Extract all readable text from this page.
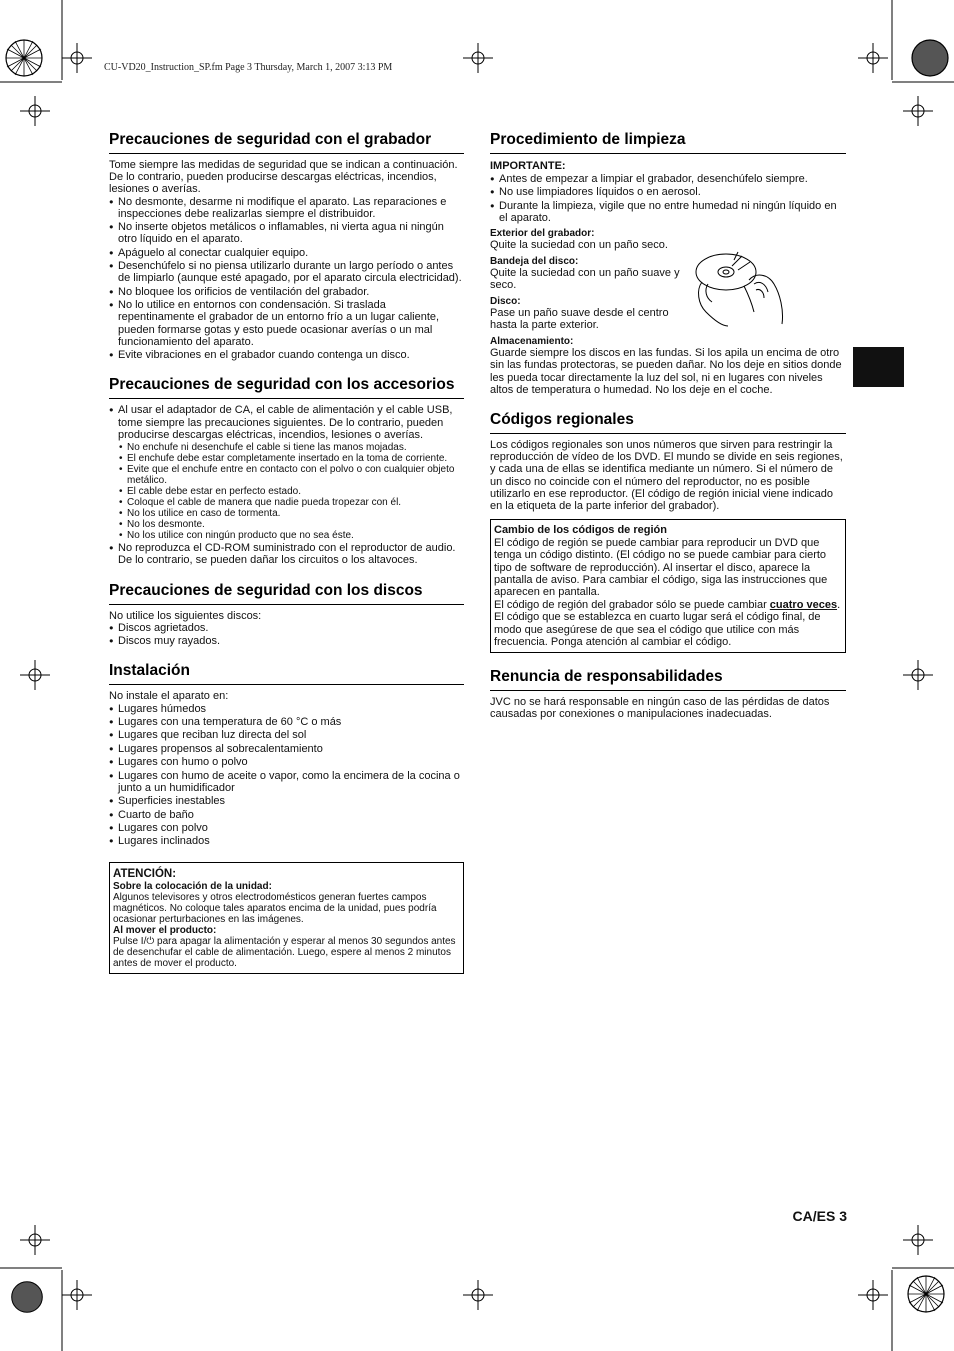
CU-VD20_Instruction_SP.fm Page 3 Thursday, March 1, 2007 3:13 PM
Precauciones de seguridad con el grabador
Tome siempre las medidas de seguridad que se indican a continuación. De lo contrario, pueden producirse descargas eléctricas, incendios, lesiones o averías.
● No desmonte, desarme ni modifique el aparato. Las reparaciones e inspecciones debe realizarlas siempre el distribuidor.
● No inserte objetos metálicos o inflamables, ni vierta agua ni ningún otro líquido en el aparato.
● Apáguelo al conectar cualquier equipo.
● Desenchúfelo si no piensa utilizarlo durante un largo período o antes de limpiarlo (aunque esté apagado, por el aparato circula electricidad).
● No bloquee los orificios de ventilación del grabador.
● No lo utilice en entornos con condensación. Si traslada repentinamente el grabador de un entorno frío a un lugar caliente, pueden formarse gotas y esto puede ocasionar averías o un mal funcionamiento del aparato.
● Evite vibraciones en el grabador cuando contenga un disco.
Precauciones de seguridad con los accesorios
● Al usar el adaptador de CA, el cable de alimentación y el cable USB, tome siempre las precauciones siguientes. De lo contrario, pueden producirse descargas eléctricas, incendios, lesiones o averías.
• No enchufe ni desenchufe el cable si tiene las manos mojadas.
• El enchufe debe estar completamente insertado en la toma de corriente.
• Evite que el enchufe entre en contacto con el polvo o con cualquier objeto metálico.
• El cable debe estar en perfecto estado.
• Coloque el cable de manera que nadie pueda tropezar con él.
• No los utilice en caso de tormenta.
• No los desmonte.
• No los utilice con ningún producto que no sea éste.
● No reproduzca el CD-ROM suministrado con el reproductor de audio. De lo contrario, se pueden dañar los circuitos o los altavoces.
Precauciones de seguridad con los discos
No utilice los siguientes discos:
● Discos agrietados.
● Discos muy rayados.
Instalación
No instale el aparato en:
● Lugares húmedos
● Lugares con una temperatura de 60 °C o más
● Lugares que reciban luz directa del sol
● Lugares propensos al sobrecalentamiento
● Lugares con humo o polvo
● Lugares con humo de aceite o vapor, como la encimera de la cocina o junto a un humidificador
● Superficies inestables
● Cuarto de baño
● Lugares con polvo
● Lugares inclinados
ATENCIÓN:
Sobre la colocación de la unidad:
Algunos televisores y otros electrodomésticos generan fuertes campos magnéticos. No coloque tales aparatos encima de la unidad, pues podría ocasionar perturbaciones en las imágenes.
Al mover el producto:
Pulse I/⏻ para apagar la alimentación y esperar al menos 30 segundos antes de desenchufar el cable de alimentación. Luego, espere al menos 2 minutos antes de mover el producto.
Procedimiento de limpieza
IMPORTANTE:
● Antes de empezar a limpiar el grabador, desenchúfelo siempre.
● No use limpiadores líquidos o en aerosol.
● Durante la limpieza, vigile que no entre humedad ni ningún líquido en el aparato.
Exterior del grabador:
Quite la suciedad con un paño seco.
Bandeja del disco:
Quite la suciedad con un paño suave y seco.
Disco:
Pase un paño suave desde el centro hasta la parte exterior.
Almacenamiento:
Guarde siempre los discos en las fundas. Si los apila un encima de otro sin las fundas protectoras, se pueden dañar. No los deje en sitios donde les pueda tocar directamente la luz del sol, ni en lugares con niveles altos de temperatura o humedad. No los deje en el coche.
Códigos regionales
Los códigos regionales son unos números que sirven para restringir la reproducción de vídeo de los DVD. El mundo se divide en seis regiones, y cada una de ellas se identifica mediante un número. Si el número de un disco no coincide con el número del reproductor, no es posible utilizarlo en ese reproductor. (El código de región inicial viene indicado en la etiqueta de la parte inferior del grabador).
Cambio de los códigos de región
El código de región se puede cambiar para reproducir un DVD que tenga un código distinto. (El código no se puede cambiar para cierto tipo de software de reproducción). Al insertar el disco, aparece la pantalla de aviso. Para cambiar el código, siga las instrucciones que aparecen en pantalla.
El código de región del grabador sólo se puede cambiar cuatro veces. El código que se establezca en cuarto lugar será el código final, de modo que asegúrese de que sea el código que utilice con más frecuencia. Ponga atención al cambiar el código.
Renuncia de responsabilidades
JVC no se hará responsable en ningún caso de las pérdidas de datos causadas por conexiones o manipulaciones inadecuadas.
CA/ES 3
